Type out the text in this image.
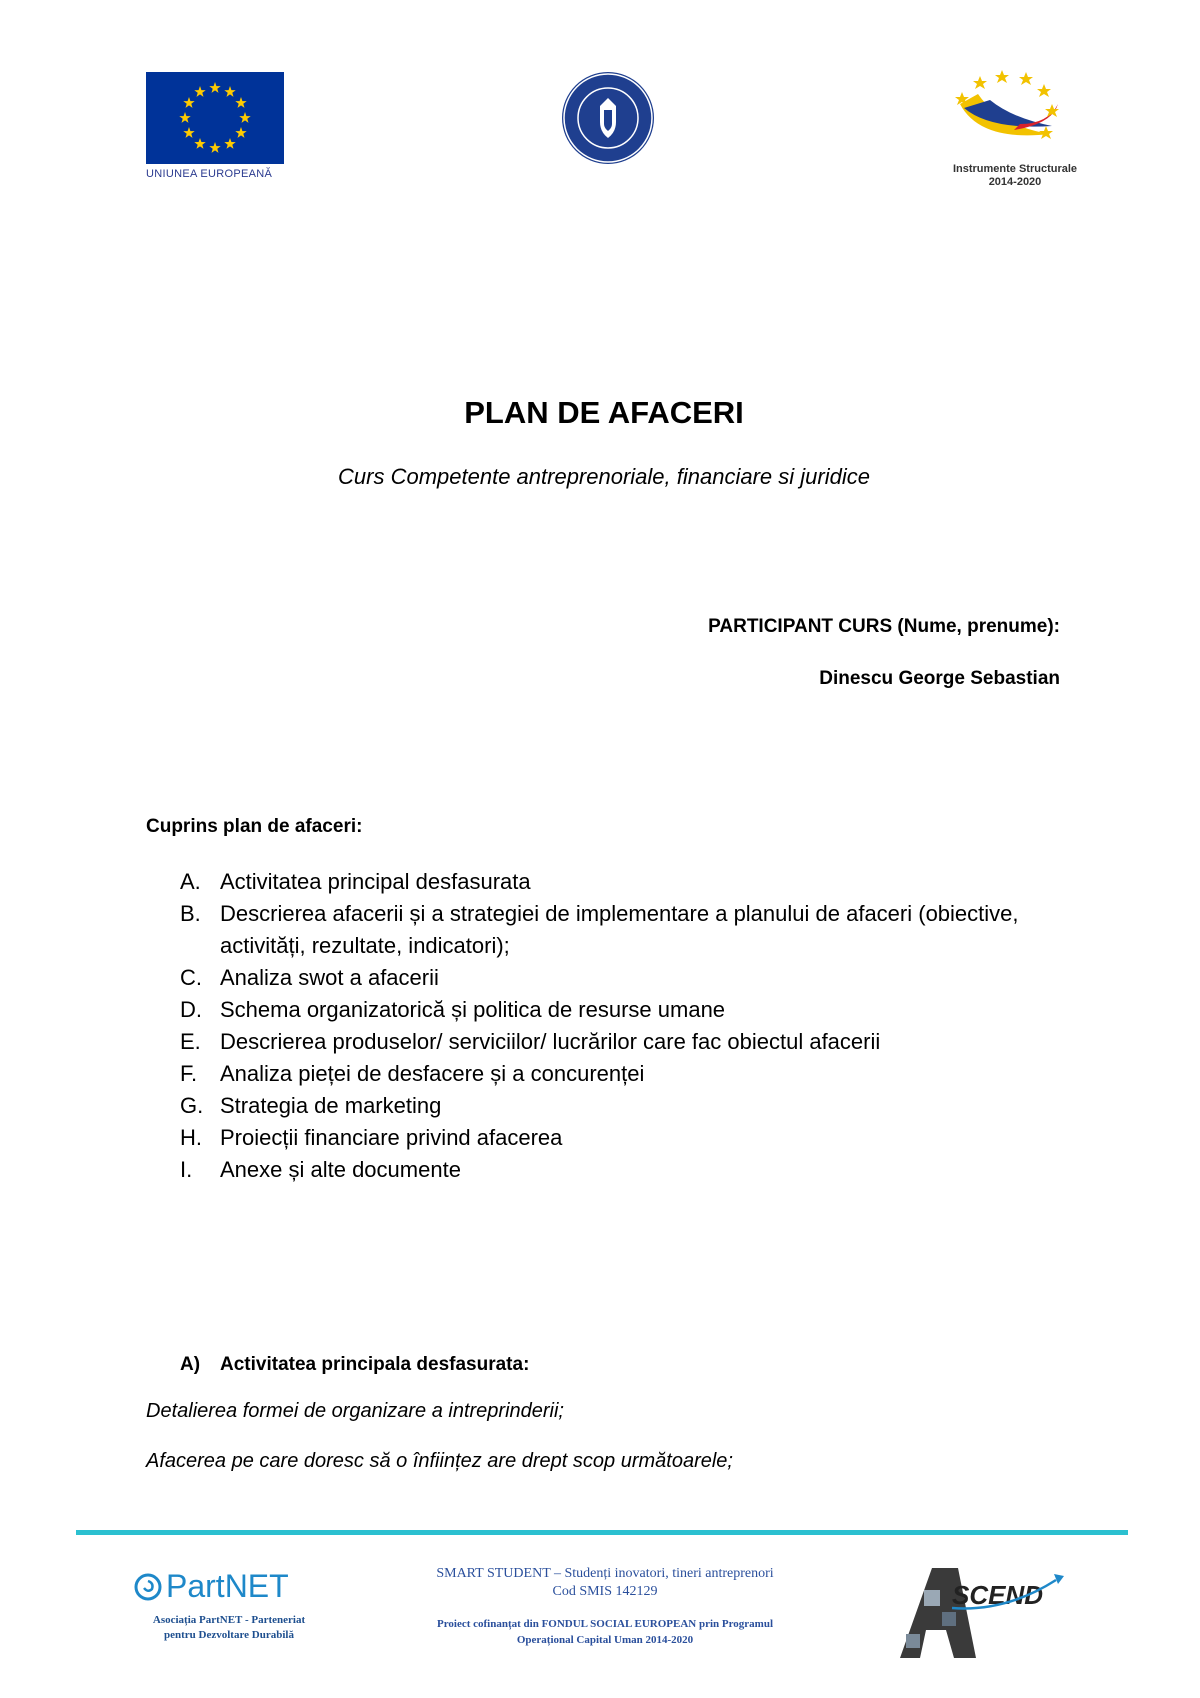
UNIUNEA EUROPEANĂ	Instrumente Structurale
2014-2020
PLAN DE AFACERI
Curs Competente antreprenoriale, financiare si juridice
PARTICIPANT CURS (Nume, prenume):
Dinescu George Sebastian
Cuprins plan de afaceri:
A. Activitatea principal desfasurata
B. Descrierea afacerii și a strategiei de implementare a planului de afaceri (obiective, activități, rezultate, indicatori);
C. Analiza swot a afacerii
D. Schema organizatorică și politica de resurse umane
E. Descrierea produselor/ serviciilor/ lucrărilor care fac obiectul afacerii
F.	Analiza pieței de desfacere și a concurenței
G. Strategia de marketing
H. Proiecții financiare privind afacerea
I.	Anexe și alte documente
A)	Activitatea principala desfasurata:
Detalierea formei de organizare a intreprinderii;
Afacerea pe care doresc să o înființez are drept scop următoarele;
PartNET
Asociația PartNET - Parteneriat
pentru Dezvoltare Durabilă
SMART STUDENT – Studenți inovatori, tineri antreprenori
Cod SMIS 142129
Proiect cofinanțat din FONDUL SOCIAL EUROPEAN prin Programul
Operațional Capital Uman 2014-2020
SCEND
